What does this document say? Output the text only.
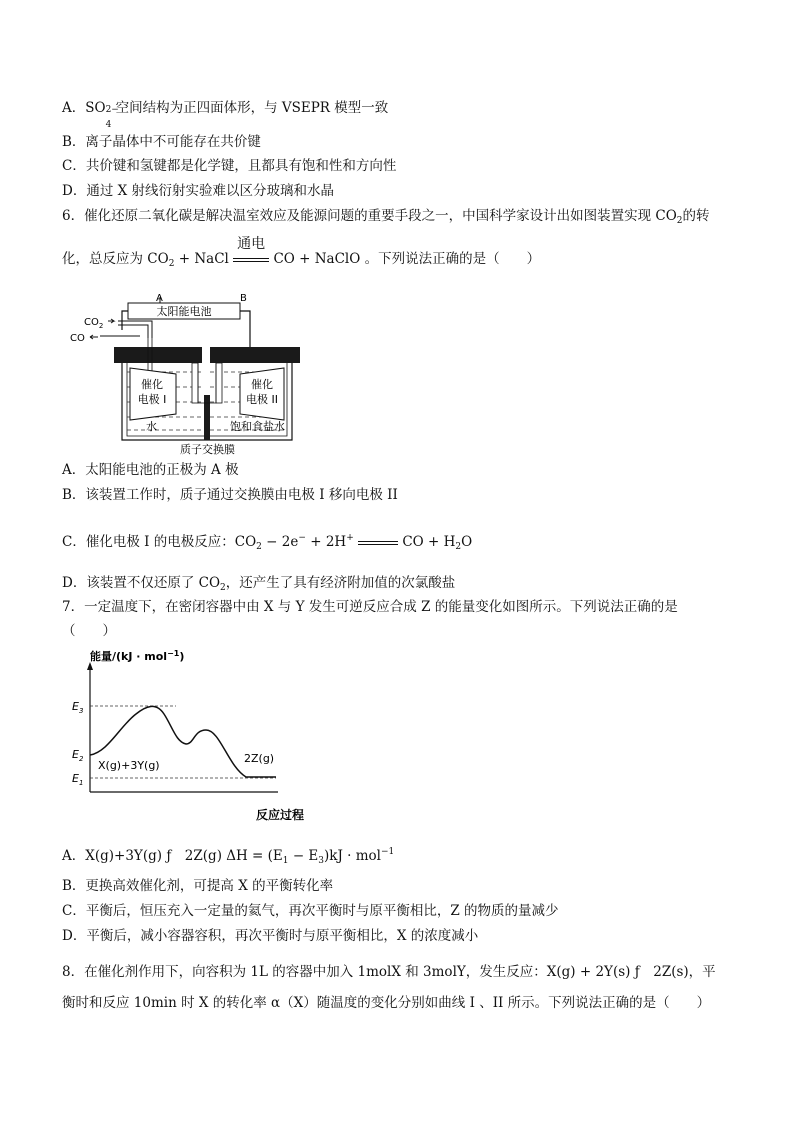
A．SO 2−
4
空间结构为正四面体形，与 VSEPR 模型一致
B．离子晶体中不可能存在共价键
C．共价键和氢键都是化学键，且都具有饱和性和方向性
D．通过 X 射线衍射实验难以区分玻璃和水晶
6．催化还原二氧化碳是解决温室效应及能源问题的重要手段之一，中国科学家设计出如图装置实现 $CO_2$的转
化，总反应为 $CO_2$ + NaCl
通电
CO + NaClO 。下列说法正确的是（　　）
太阳能电池
A	B
$CO_2$
CO
催化
电极 I
催化
电极 II
水	饱和食盐水
质子交换膜
A．太阳能电池的正极为 A 极
B．该装置工作时，质子通过交换膜由电极 I 移向电极 II
C．催化电极 I 的电极反应：$CO_2 - 2e^- + 2H^+$	CO + $H_2O$
D．该装置不仅还原了 $CO_2$，还产生了具有经济附加值的次氯酸盐
7．一定温度下，在密闭容器中由 X 与 Y 发生可逆反应合成 Z 的能量变化如图所示。下列说法正确的是
（　　）
能量/(kJ · mol$^{-1}$)
$E_3$
$E_2$
$E_1$
X(g)+3Y(g)
2Z(g)
反应过程
A．X(g)+3Y(g) ƒ　2Z(g) $\Delta H = (E_1 - E_3)kJ \cdot mol^{-1}$
B．更换高效催化剂，可提高 X 的平衡转化率
C．平衡后，恒压充入一定量的氦气，再次平衡时与原平衡相比，Z 的物质的量减少
D．平衡后，减小容器容积，再次平衡时与原平衡相比，X 的浓度减小
8．在催化剂作用下，向容积为 1L 的容器中加入 1molX 和 3molY，发生反应：X(g) + 2Y(s) ƒ　2Z(s)，平
衡时和反应 10min 时 X 的转化率 α（X）随温度的变化分别如曲线 I 、II 所示。下列说法正确的是（　　）
